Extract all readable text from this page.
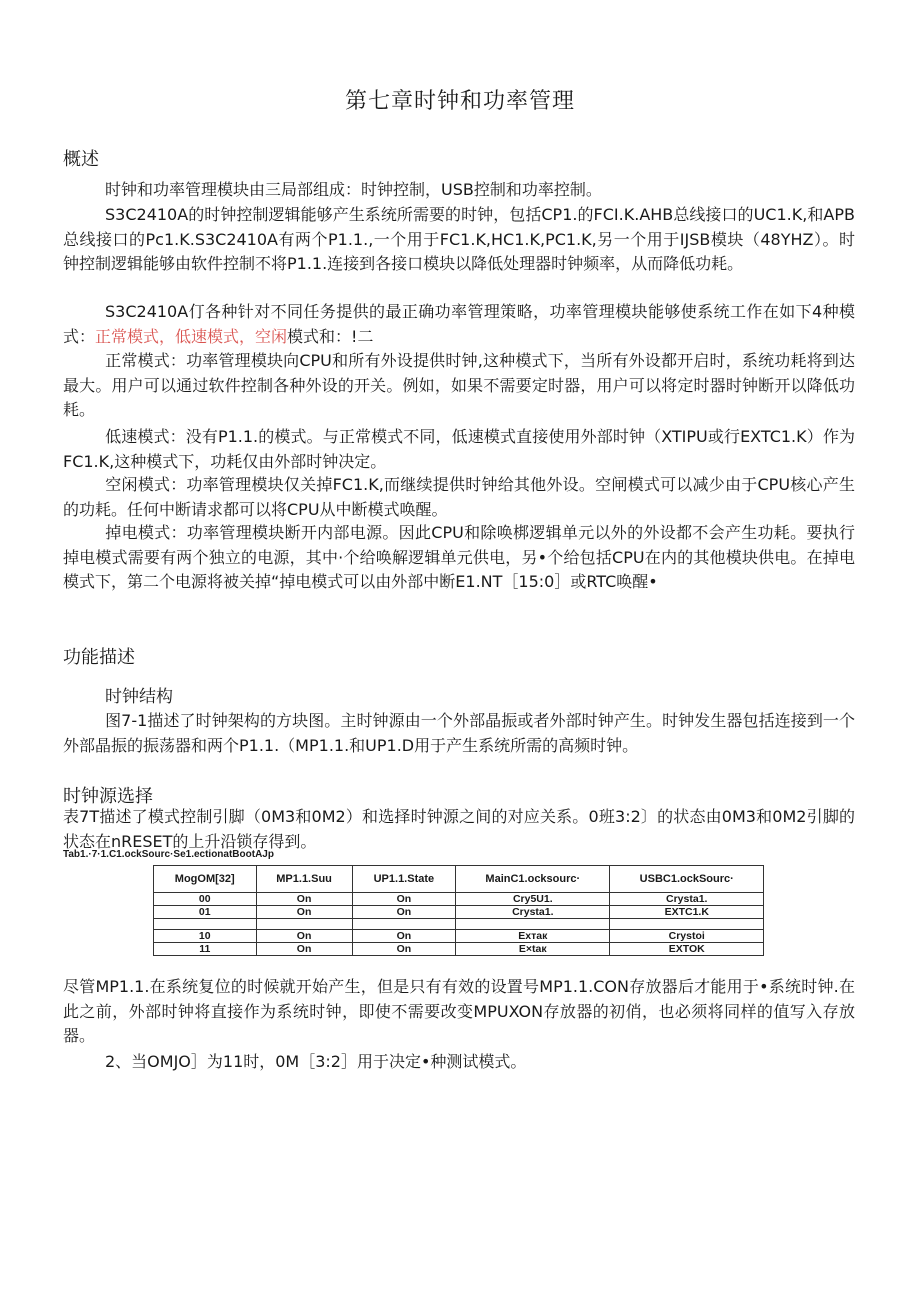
第七章时钟和功率管理
概述
时钟和功率管理模块由三局部组成：时钟控制，USB控制和功率控制。
S3C2410A的时钟控制逻辑能够产生系统所需要的时钟，包括CP1.的FCI.K.AHB总线接口的UC1.K,和APB总线接口的Pc1.K.S3C2410A有两个P1.1.,一个用于FC1.K,HC1.K,PC1.K,另一个用于IJSB模块（48YHZ）。时钟控制逻辑能够由软件控制不将P1.1.连接到各接口模块以降低处理器时钟频率，从而降低功耗。
S3C2410A仃各种针对不同任务提供的最正确功率管理策略，功率管理模块能够使系统工作在如下4种模式：正常模式，低速模式，空闲模式和：!二
正常模式：功率管理模块向CPU和所有外设提供时钟,这种模式下，当所有外设都开启时，系统功耗将到达最大。用户可以通过软件控制各种外设的开关。例如，如果不需要定时器，用户可以将定时器时钟断开以降低功耗。
低速模式：没有P1.1.的模式。与正常模式不同，低速模式直接使用外部时钟（XTIPU或行EXTC1.K）作为FC1.K,这种模式下，功耗仅由外部时钟决定。
空闲模式：功率管理模块仅关掉FC1.K,而继续提供时钟给其他外设。空闸模式可以减少由于CPU核心产生的功耗。任何中断请求都可以将CPU从中断模式唤醒。
掉电模式：功率管理模块断开内部电源。因此CPU和除唤梆逻辑单元以外的外设都不会产生功耗。要执行掉电模式需要有两个独立的电源，其中·个给唤解逻辑单元供电，另•个给包括CPU在内的其他模块供电。在掉电模式下，第二个电源将被关掉“掉电模式可以由外部中断E1.NT［15:0］或RTC唤醒•
功能描述
时钟结构
图7-1描述了时钟架构的方块图。主时钟源由一个外部晶振或者外部时钟产生。时钟发生器包括连接到一个外部晶振的振荡器和两个P1.1.（MP1.1.和UP1.D用于产生系统所需的高频时钟。
时钟源选择
表7T描述了模式控制引脚（0M3和0M2）和选择时钟源之间的对应关系。0班3:2〕的状态由0M3和0M2引脚的状态在nRESET的上升沿锁存得到。
Tab1.·7·1.C1.ockSourc·Se1.ectionatBootAJp
MogOM[32]	MP1.1.Suu	UP1.1.State	MainC1.ocksourc·	USBC1.ockSourc·
00	On	On	Cry5U1.	Crysta1.
01	On	On	Crysta1.	EXTC1.K

10	On	On	Eхтaк	Crystoi
11	On	On	E×taк	EXTOK
尽管MP1.1.在系统复位的时候就开始产生，但是只有有效的设置号MP1.1.CON存放器后才能用于•系统时钟.在此之前，外部时钟将直接作为系统时钟，即使不需要改变MPUXON存放器的初俏，也必须将同样的值写入存放器。
2、当OMJO］为11时，0M［3:2］用于决定•种测试模式。
